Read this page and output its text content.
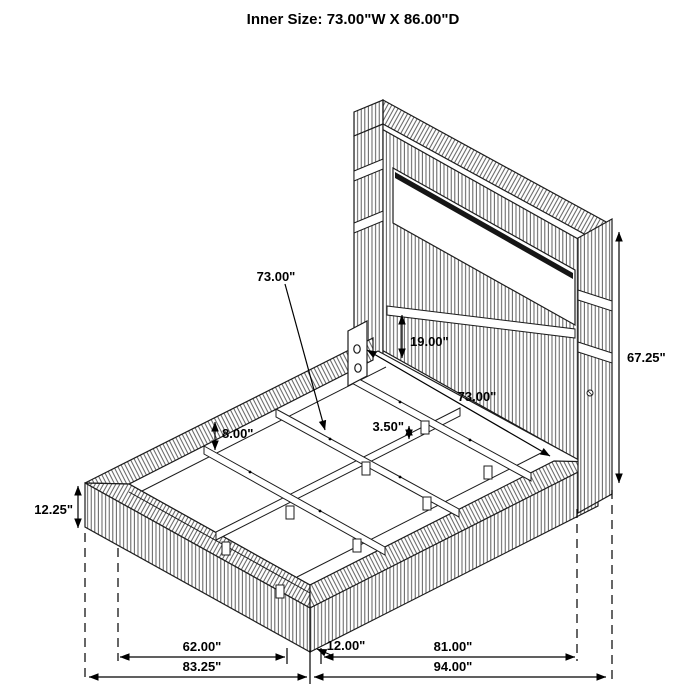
73.00"
19.00"
67.25"
73.00"
3.50"
8.00"
12.25"
62.00"	12.00"	81.00"
83.25"	94.00"
Inner Size: 73.00"W X 86.00"D
